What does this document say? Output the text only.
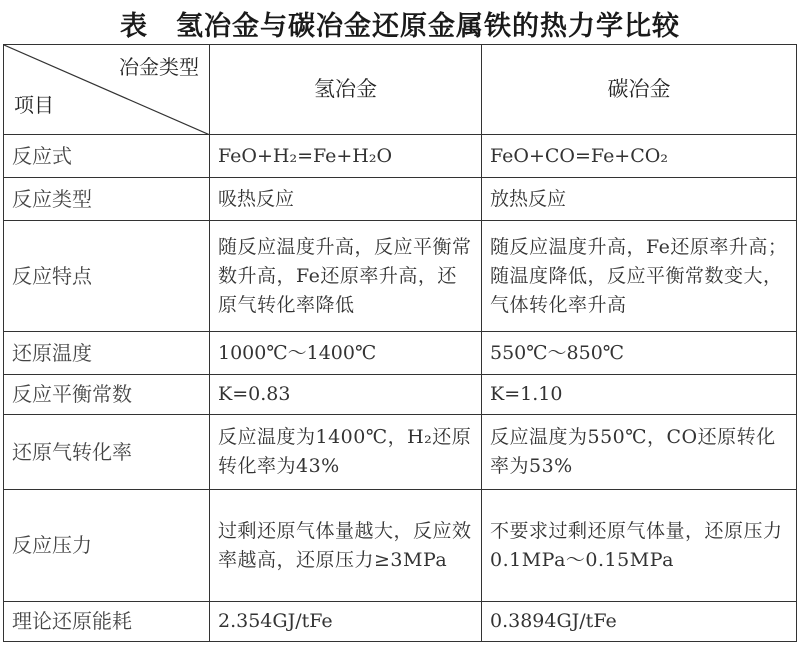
表　氢冶金与碳冶金还原金属铁的热力学比较
冶金类型
项目	氢冶金	碳冶金
反应式	FeO+H₂=Fe+H₂O	FeO+CO=Fe+CO₂
反应类型	吸热反应	放热反应
反应特点	随反应温度升高，反应平衡常数升高，Fe还原率升高，还原气转化率降低	随反应温度升高，Fe还原率升高；随温度降低，反应平衡常数变大，气体转化率升高
还原温度	1000℃～1400℃	550℃～850℃
反应平衡常数	K=0.83	K=1.10
还原气转化率	反应温度为1400℃，H₂还原转化率为43%	反应温度为550℃，CO还原转化率为53%
反应压力	过剩还原气体量越大，反应效率越高，还原压力≥3MPa	不要求过剩还原气体量，还原压力0.1MPa～0.15MPa
理论还原能耗	2.354GJ/tFe	0.3894GJ/tFe
